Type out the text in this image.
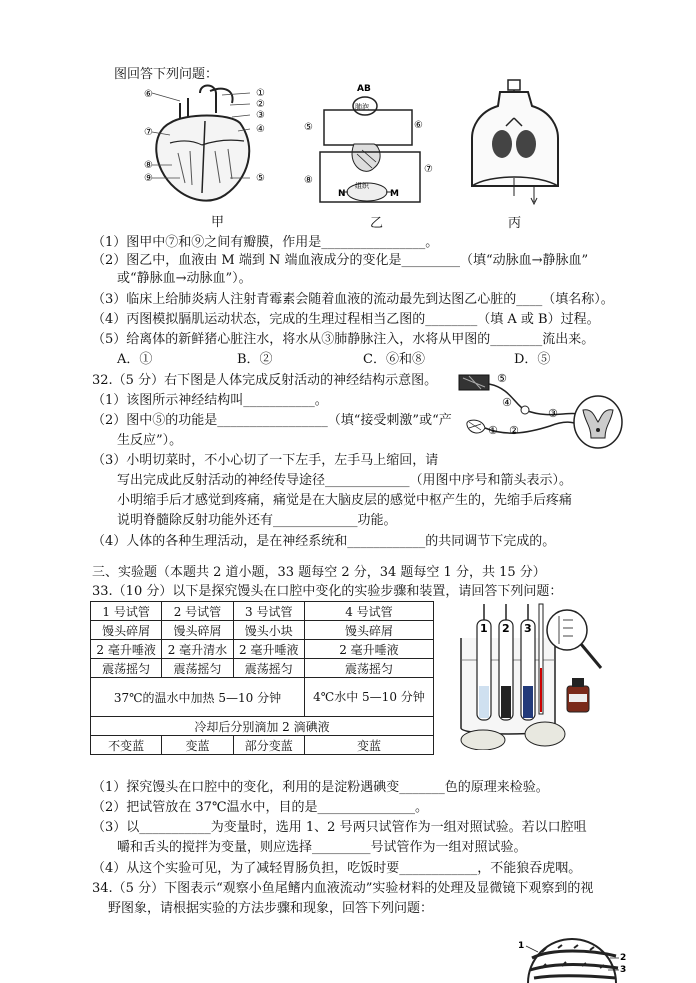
图回答下列问题：
⑥	①
②
③
④
⑤
⑦
⑧
⑨
甲
AB
肺泡
组织
N	M
⑤	⑥
⑦
⑧
乙	丙
（1）图甲中⑦和⑨之间有瓣膜，作用是________________。
（2）图乙中，血液由 M 端到 N 端血液成分的变化是_________（填“动脉血→静脉血”
或“静脉血→动脉血”）。
（3）临床上给肺炎病人注射青霉素会随着血液的流动最先到达图乙心脏的____（填名称）。
（4）丙图模拟膈肌运动状态，完成的生理过程相当乙图的________（填 A 或 B）过程。
（5）给离体的新鲜猪心脏注水，将水从③肺静脉注入，水将从甲图的________流出来。
A．①	B．②	C．⑥和⑧	D．⑤
32.（5 分）右下图是人体完成反射活动的神经结构示意图。
（1）该图所示神经结构叫___________。
（2）图中⑤的功能是_________________（填“接受刺激”或“产
生反应”）。
（3）小明切菜时，不小心切了一下左手，左手马上缩回，请
写出完成此反射活动的神经传导途径_____________（用图中序号和箭头表示）。
小明缩手后才感觉到疼痛，痛觉是在大脑皮层的感觉中枢产生的，先缩手后疼痛
说明脊髓除反射功能外还有_____________功能。
（4）人体的各种生理活动，是在神经系统和____________的共同调节下完成的。
⑤
④
③
① ②
三、实验题（本题共 2 道小题，33 题每空 2 分，34 题每空 1 分，共 15 分）
33.（10 分）以下是探究馒头在口腔中变化的实验步骤和装置，请回答下列问题：
1 号试管	2 号试管	3 号试管	4 号试管
馒头碎屑	馒头碎屑	馒头小块	馒头碎屑
2 毫升唾液	2 毫升清水	2 毫升唾液	2 毫升唾液
震荡摇匀	震荡摇匀	震荡摇匀	震荡摇匀
37℃的温水中加热 5—10 分钟			4℃水中 5—10 分钟
冷却后分别滴加 2 滴碘液			
不变蓝	变蓝	部分变蓝	变蓝
1 2 3
（1）探究馒头在口腔中的变化，利用的是淀粉遇碘变_______色的原理来检验。
（2）把试管放在 37℃温水中，目的是_______________。
（3）以___________为变量时，选用 1、2 号两只试管作为一组对照试验。若以口腔咀
嚼和舌头的搅拌为变量，则应选择_________号试管作为一组对照试验。
（4）从这个实验可见，为了减轻胃肠负担，吃饭时要____________，不能狼吞虎咽。
34.（5 分）下图表示“观察小鱼尾鳍内血液流动”实验材料的处理及显微镜下观察到的视
野图象，请根据实验的方法步骤和现象，回答下列问题：
1
2
3
